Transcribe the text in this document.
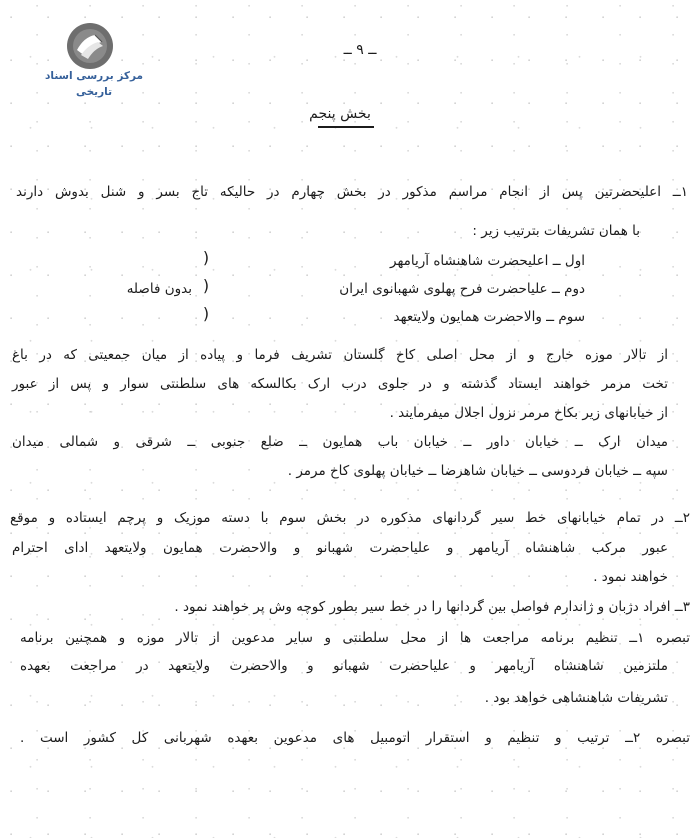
مرکز بررسی اسناد تاریخی
ــ ۹ ــ
بخش پنجم
۱ــ اعلیحضرتین پس از انجام مراسم مذکور در بخش چهارم در حالیکه تاج بسر و شنل بدوش دارند
با همان تشریفات بترتیب زیر :
اول ــ اعلیحضرت شاهنشاه آریامهر
)
دوم ــ علیاحضرت فرح پهلوی شهبانوی ایران
)
بدون فاصله
سوم ــ والاحضرت همایون ولایتعهد
)
از تالار موزه خارج و از محل اصلی کاخ گلستان تشریف فرما و پیاده از میان جمعیتی که در باغ
تخت مرمر خواهند ایستاد گذشته و در جلوی درب ارک بکالسکه های سلطنتی سوار و پس از عبور
از خیابانهای زیر بکاخ مرمر نزول اجلال میفرمایند .
میدان ارک ــ خیابان داور ــ خیابان باب همایون ــ ضلع جنوبی ــ شرقی و شمالی میدان
سپه ــ خیابان فردوسی ــ خیابان شاهرضا ــ خیابان پهلوی کاخ مرمر .
۲ــ در تمام خیابانهای خط سیر گردانهای مذکوره در بخش سوم با دسته موزیک و پرچم ایستاده و موقع
عبور مرکب شاهنشاه آریامهر و علیاحضرت شهبانو و والاحضرت همایون ولایتعهد ادای احترام
خواهند نمود .
۳ــ افراد دژبان و ژاندارم فواصل بین گردانها را در خط سیر بطور کوچه وش پر خواهند نمود .
تبصره ۱ــ تنظیم برنامه مراجعت ها از محل سلطنتی و سایر مدعوین از تالار موزه و همچنین برنامه
ملتزمین شاهنشاه آریامهر و علیاحضرت شهبانو و والاحضرت ولایتعهد در مراجعت بعهده
تشریفات شاهنشاهی خواهد بود .
تبصره ۲ــ ترتیب و تنظیم و استقرار اتومبیل های مدعوین بعهده شهربانی کل کشور است .
